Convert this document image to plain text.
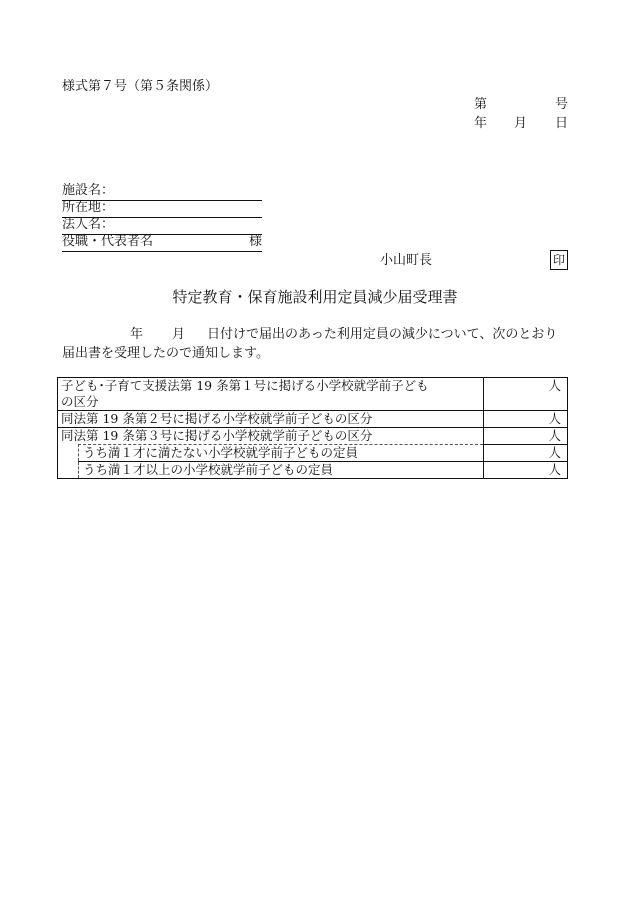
様式第７号（第５条関係）
第	号
年 月 日
施設名：
所在地：
法人名：
役職・代表者名	様
小山町長	印
特定教育・保育施設利用定員減少届受理書
年 月 日付けで届出のあった利用定員の減少について、次のとおり
届出書を受理したので通知します。
子ども･子育て支援法第 19 条第１号に掲げる小学校就学前子ども
の区分		人
同法第 19 条第２号に掲げる小学校就学前子どもの区分		人
同法第 19 条第３号に掲げる小学校就学前子どもの区分		人
	うち満１才に満たない小学校就学前子どもの定員	人
	うち満１才以上の小学校就学前子どもの定員	人
